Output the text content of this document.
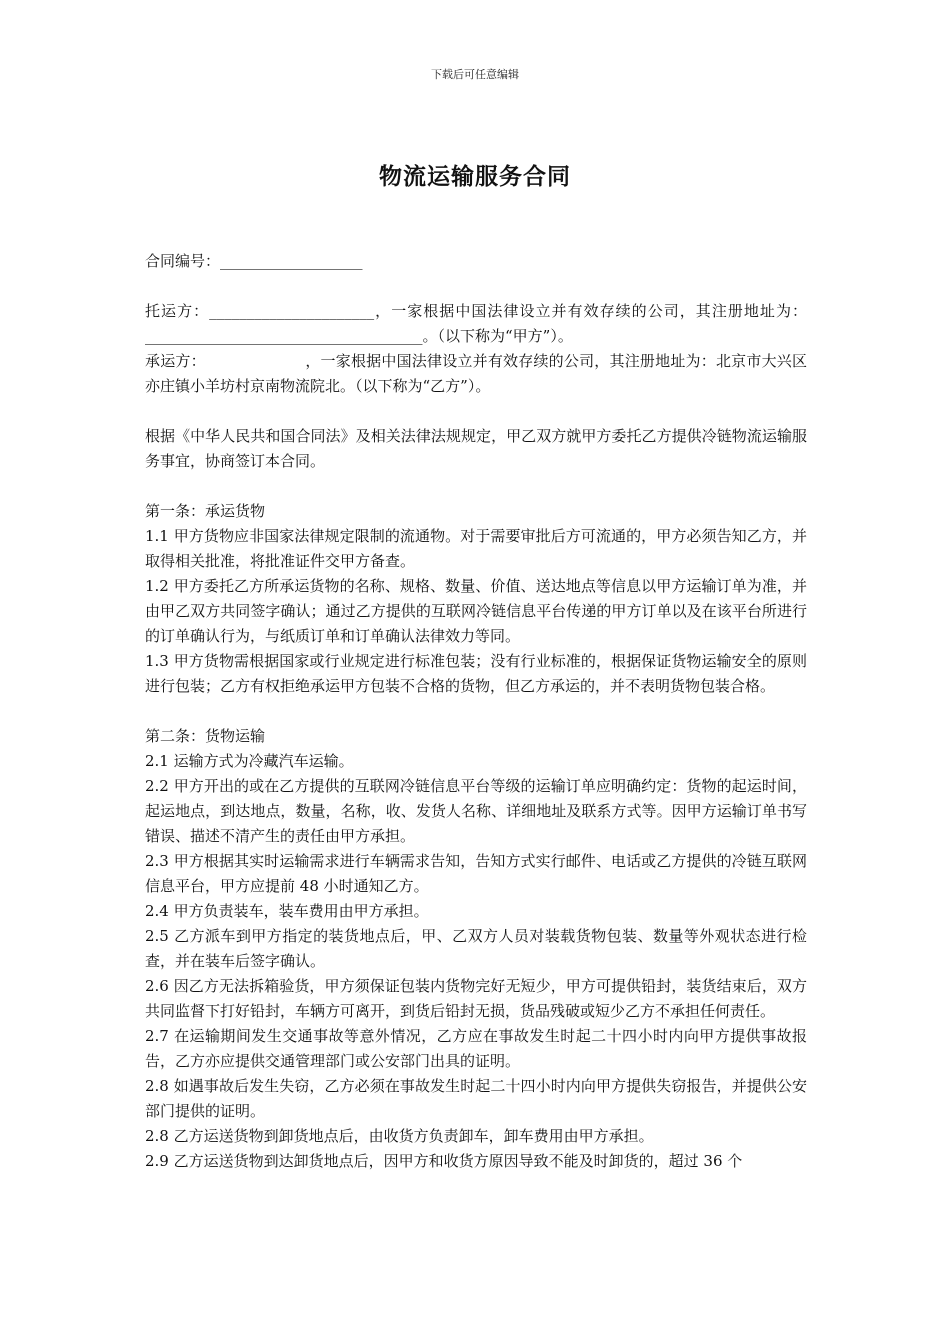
下载后可任意编辑
物流运输服务合同

合同编号：___________________

托运方：______________________，一家根据中国法律设立并有效存续的公司，其注册地址为：_____________________________________。（以下称为“甲方”）。

承运方：                    ，一家根据中国法律设立并有效存续的公司，其注册地址为：北京市大兴区亦庄镇小羊坊村京南物流院北。（以下称为“乙方”）。

根据《中华人民共和国合同法》及相关法律法规规定，甲乙双方就甲方委托乙方提供冷链物流运输服务事宜，协商签订本合同。

第一条：承运货物

1.1 甲方货物应非国家法律规定限制的流通物。对于需要审批后方可流通的，甲方必须告知乙方，并取得相关批准，将批准证件交甲方备查。

1.2 甲方委托乙方所承运货物的名称、规格、数量、价值、送达地点等信息以甲方运输订单为准，并由甲乙双方共同签字确认；通过乙方提供的互联网冷链信息平台传递的甲方订单以及在该平台所进行的订单确认行为，与纸质订单和订单确认法律效力等同。

1.3 甲方货物需根据国家或行业规定进行标准包装；没有行业标准的，根据保证货物运输安全的原则进行包装；乙方有权拒绝承运甲方包装不合格的货物，但乙方承运的，并不表明货物包装合格。

第二条：货物运输

2.1 运输方式为冷藏汽车运输。

2.2 甲方开出的或在乙方提供的互联网冷链信息平台等级的运输订单应明确约定：货物的起运时间，起运地点，到达地点，数量，名称，收、发货人名称、详细地址及联系方式等。因甲方运输订单书写错误、描述不清产生的责任由甲方承担。

2.3 甲方根据其实时运输需求进行车辆需求告知，告知方式实行邮件、电话或乙方提供的冷链互联网信息平台，甲方应提前 48 小时通知乙方。

2.4 甲方负责装车，装车费用由甲方承担。

2.5 乙方派车到甲方指定的装货地点后，甲、乙双方人员对装载货物包装、数量等外观状态进行检查，并在装车后签字确认。

2.6 因乙方无法拆箱验货，甲方须保证包装内货物完好无短少，甲方可提供铅封，装货结束后，双方共同监督下打好铅封，车辆方可离开，到货后铅封无损，货品残破或短少乙方不承担任何责任。

2.7 在运输期间发生交通事故等意外情况，乙方应在事故发生时起二十四小时内向甲方提供事故报告，乙方亦应提供交通管理部门或公安部门出具的证明。

2.8 如遇事故后发生失窃，乙方必须在事故发生时起二十四小时内向甲方提供失窃报告，并提供公安部门提供的证明。

2.8 乙方运送货物到卸货地点后，由收货方负责卸车，卸车费用由甲方承担。

2.9 乙方运送货物到达卸货地点后，因甲方和收货方原因导致不能及时卸货的，超过 36 个
